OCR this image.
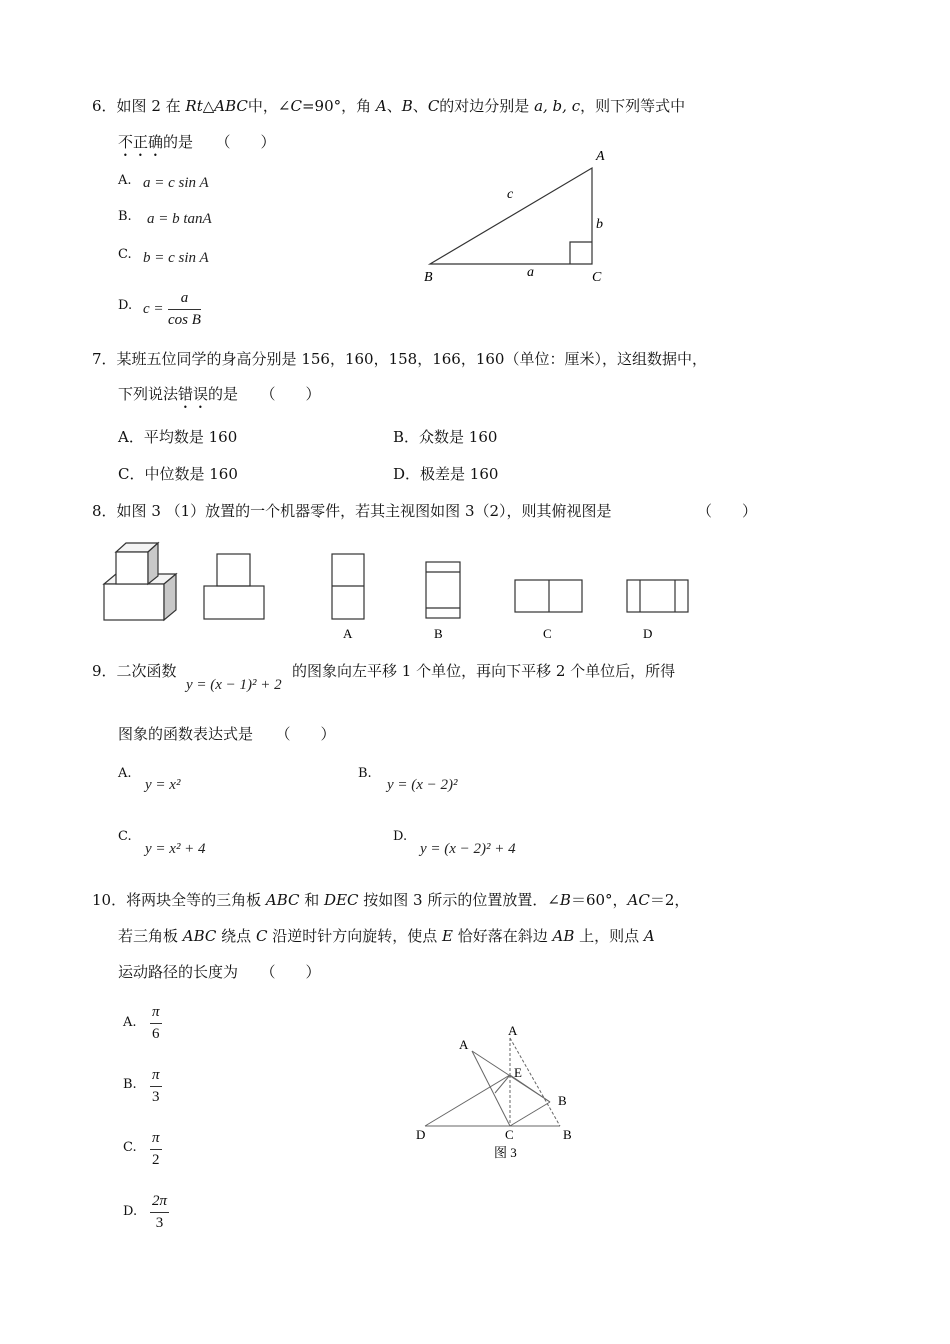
6．如图 2 在 Rt△ABC中，∠C=90°，角 A、B、C的对边分别是 a, b, c，则下列等式中
不正确的是　　（　　）
A. a = c sin A
B. a = b tanA
C. b = c sin A
D. c =
a
cos B
A
B	C
a
b
c
7．某班五位同学的身高分别是 156，160，158，166，160（单位：厘米），这组数据中，
下列说法错误的是　　（　　）
A．平均数是 160	B．众数是 160
C．中位数是 160	D．极差是 160
8．如图 3 （1）放置的一个机器零件，若其主视图如图 3（2），则其俯视图是	（　　）
A	B	C	D
9．二次函数
y = (x − 1)² + 2
的图象向左平移 1 个单位，再向下平移 2 个单位后，所得
图象的函数表达式是　　（　　）
A.
y = x²
B.
y = (x − 2)²
C.
y = x² + 4
D.
y = (x − 2)² + 4
10．将两块全等的三角板 ABC 和 DEC 按如图 3 所示的位置放置．∠B＝60°，AC＝2，
若三角板 ABC 绕点 C 沿逆时针方向旋转，使点 E 恰好落在斜边 AB 上，则点 A
运动路径的长度为　　（　　）
A.
π
6
B.
π
3
C.
π
2
D.
2π
3
A
A
E
B
B
D	C
图 3
